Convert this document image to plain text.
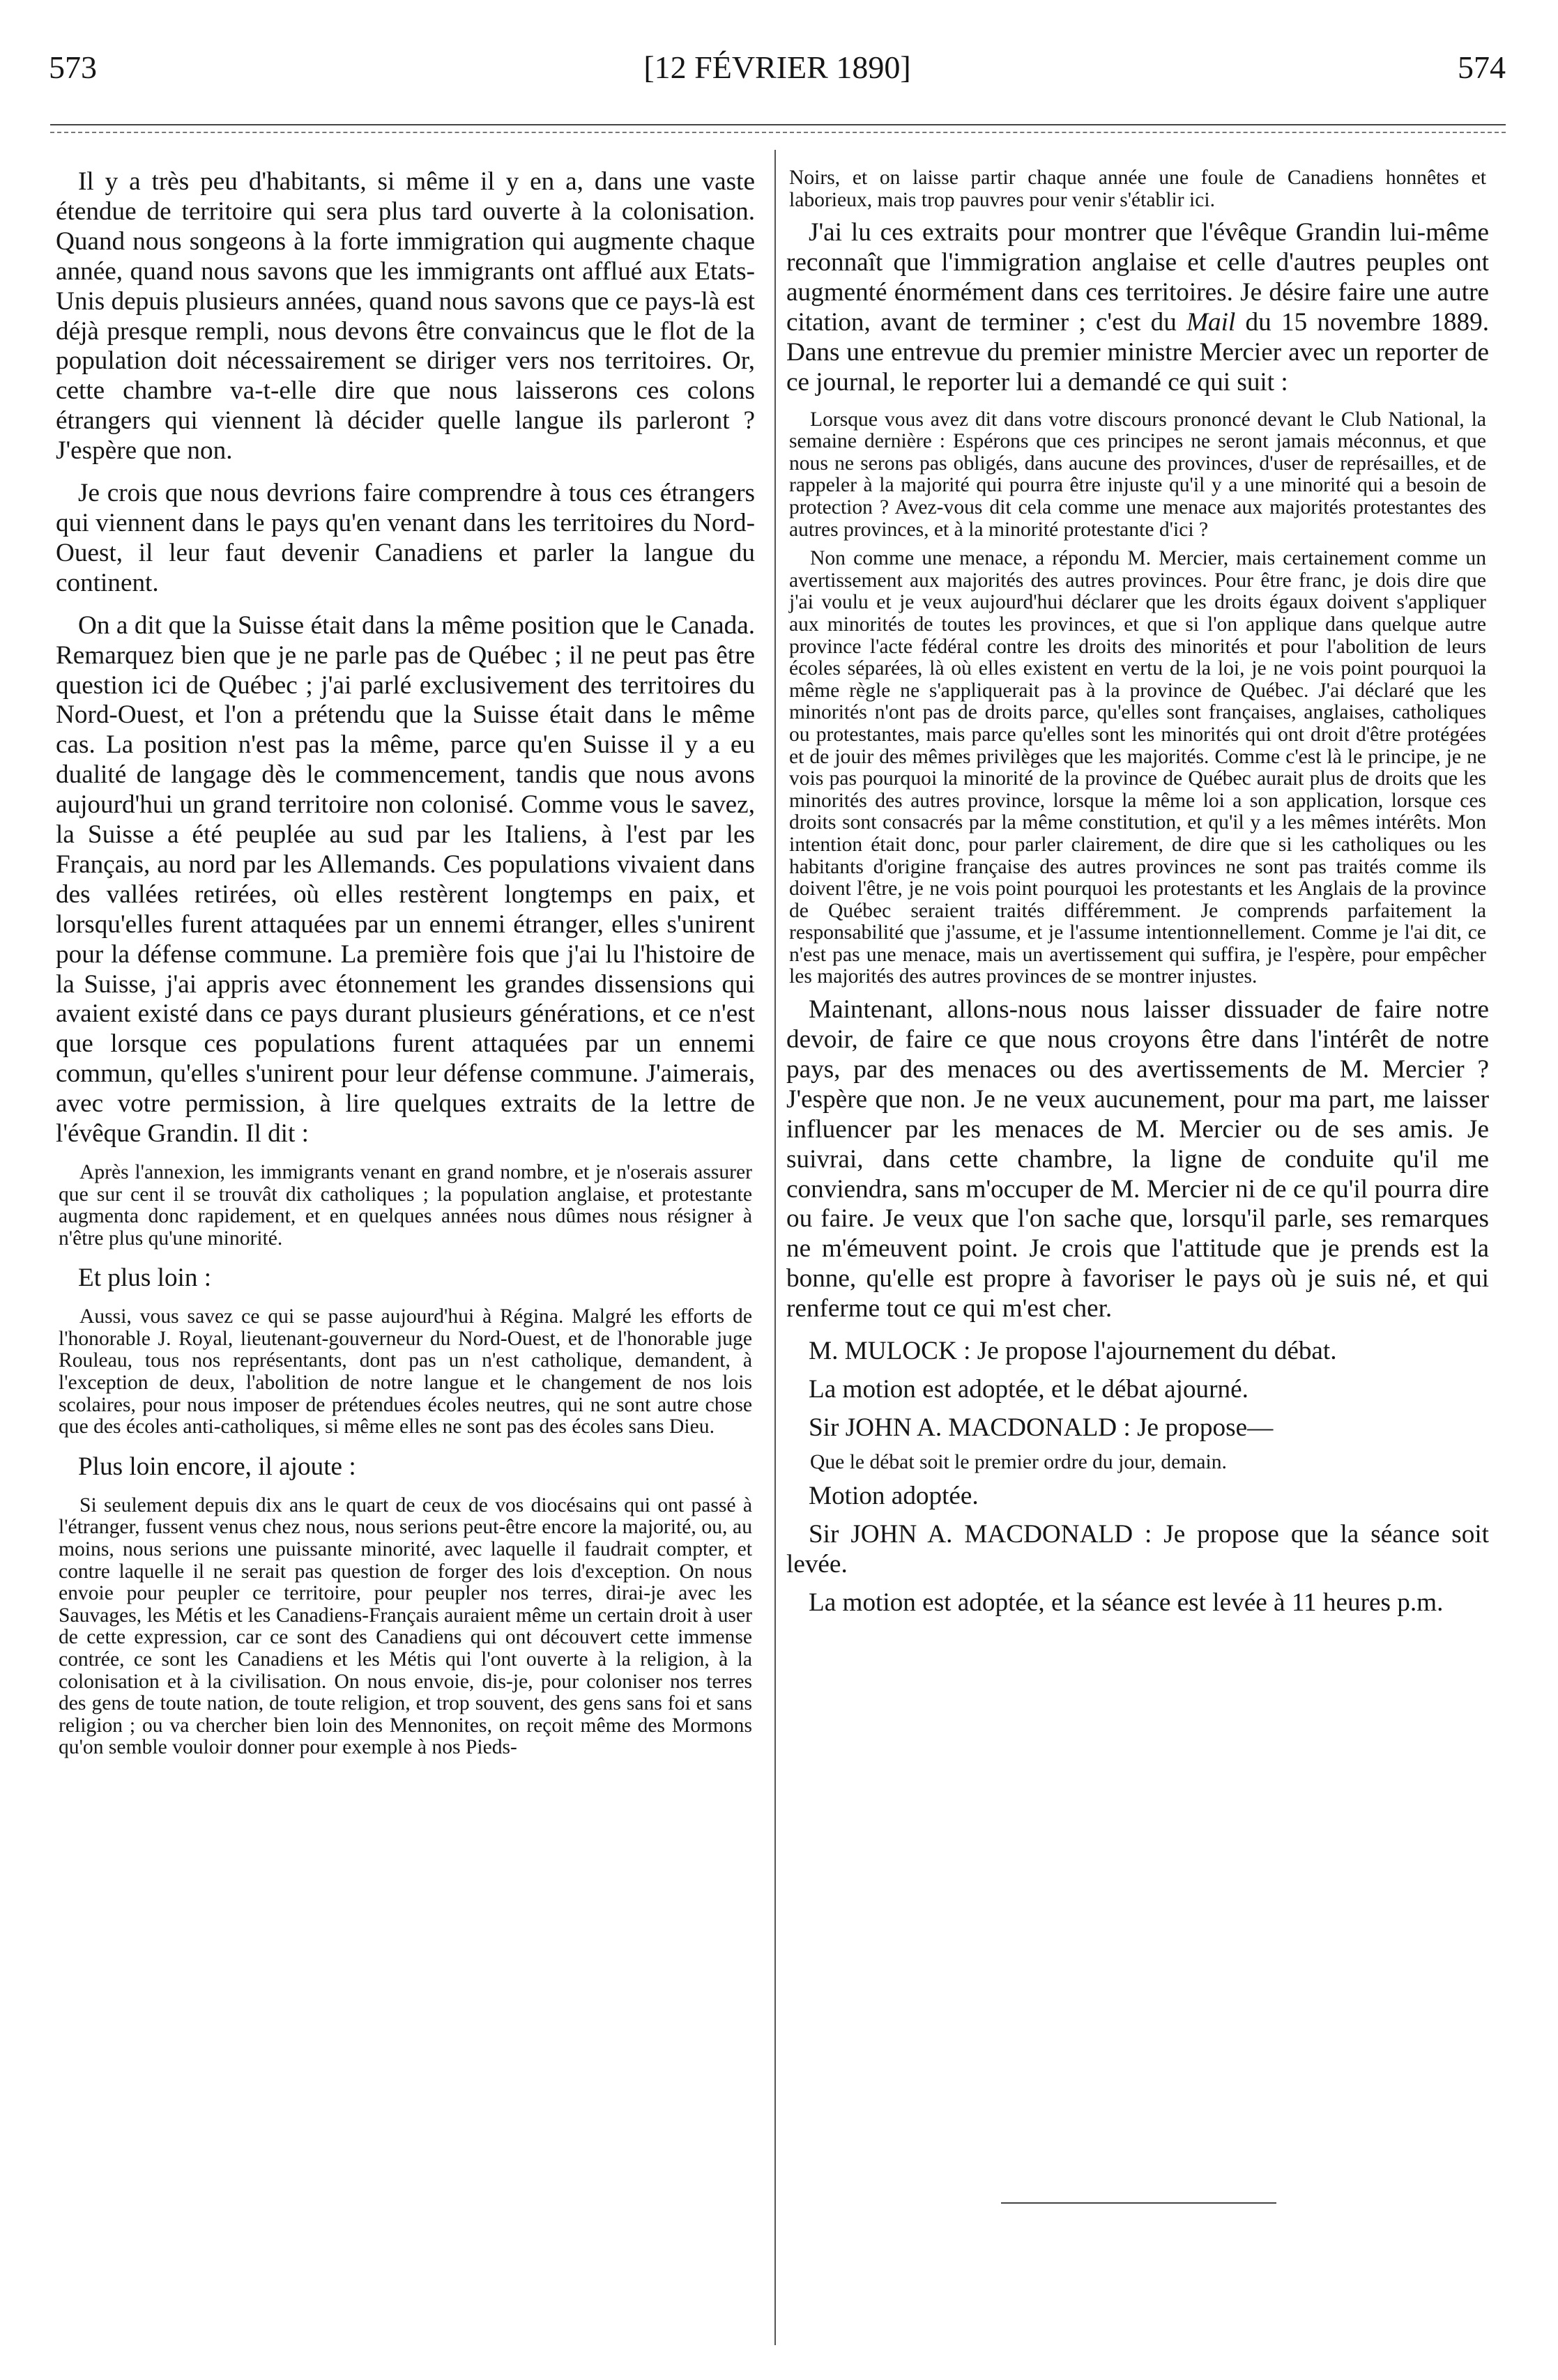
573	[12 FÉVRIER 1890]	574

Il y a très peu d'habitants, si même il y en a, dans une vaste étendue de territoire qui sera plus tard ouverte à la colonisation. Quand nous songeons à la forte immigration qui augmente chaque année, quand nous savons que les immigrants ont afflué aux Etats-Unis depuis plusieurs années, quand nous savons que ce pays-là est déjà presque rempli, nous devons être convaincus que le flot de la population doit nécessairement se diriger vers nos territoires. Or, cette chambre va-t-elle dire que nous laisserons ces colons étrangers qui viennent là décider quelle langue ils parleront ? J'espère que non.

Je crois que nous devrions faire comprendre à tous ces étrangers qui viennent dans le pays qu'en venant dans les territoires du Nord-Ouest, il leur faut devenir Canadiens et parler la langue du continent.

On a dit que la Suisse était dans la même position que le Canada. Remarquez bien que je ne parle pas de Québec ; il ne peut pas être question ici de Québec ; j'ai parlé exclusivement des territoires du Nord-Ouest, et l'on a prétendu que la Suisse était dans le même cas. La position n'est pas la même, parce qu'en Suisse il y a eu dualité de langage dès le commencement, tandis que nous avons aujourd'hui un grand territoire non colonisé. Comme vous le savez, la Suisse a été peuplée au sud par les Italiens, à l'est par les Français, au nord par les Allemands. Ces populations vivaient dans des vallées retirées, où elles restèrent longtemps en paix, et lorsqu'elles furent attaquées par un ennemi étranger, elles s'unirent pour la défense commune. La première fois que j'ai lu l'histoire de la Suisse, j'ai appris avec étonnement les grandes dissensions qui avaient existé dans ce pays durant plusieurs générations, et ce n'est que lorsque ces populations furent attaquées par un ennemi commun, qu'elles s'unirent pour leur défense commune. J'aimerais, avec votre permission, à lire quelques extraits de la lettre de l'évêque Grandin. Il dit :

Après l'annexion, les immigrants venant en grand nombre, et je n'oserais assurer que sur cent il se trouvât dix catholiques ; la population anglaise, et protestante augmenta donc rapidement, et en quelques années nous dûmes nous résigner à n'être plus qu'une minorité.

Et plus loin :

Aussi, vous savez ce qui se passe aujourd'hui à Régina. Malgré les efforts de l'honorable J. Royal, lieutenant-gouverneur du Nord-Ouest, et de l'honorable juge Rouleau, tous nos représentants, dont pas un n'est catholique, demandent, à l'exception de deux, l'abolition de notre langue et le changement de nos lois scolaires, pour nous imposer de prétendues écoles neutres, qui ne sont autre chose que des écoles anti-catholiques, si même elles ne sont pas des écoles sans Dieu.

Plus loin encore, il ajoute :

Si seulement depuis dix ans le quart de ceux de vos diocésains qui ont passé à l'étranger, fussent venus chez nous, nous serions peut-être encore la majorité, ou, au moins, nous serions une puissante minorité, avec laquelle il faudrait compter, et contre laquelle il ne serait pas question de forger des lois d'exception. On nous envoie pour peupler ce territoire, pour peupler nos terres, dirai-je avec les Sauvages, les Métis et les Canadiens-Français auraient même un certain droit à user de cette expression, car ce sont des Canadiens qui ont découvert cette immense contrée, ce sont les Canadiens et les Métis qui l'ont ouverte à la religion, à la colonisation et à la civilisation. On nous envoie, dis-je, pour coloniser nos terres des gens de toute nation, de toute religion, et trop souvent, des gens sans foi et sans religion ; ou va chercher bien loin des Mennonites, on reçoit même des Mormons qu'on semble vouloir donner pour exemple à nos Pieds-

Noirs, et on laisse partir chaque année une foule de Canadiens honnêtes et laborieux, mais trop pauvres pour venir s'établir ici.

J'ai lu ces extraits pour montrer que l'évêque Grandin lui-même reconnaît que l'immigration anglaise et celle d'autres peuples ont augmenté énormément dans ces territoires. Je désire faire une autre citation, avant de terminer ; c'est du Mail du 15 novembre 1889. Dans une entrevue du premier ministre Mercier avec un reporter de ce journal, le reporter lui a demandé ce qui suit :

Lorsque vous avez dit dans votre discours prononcé devant le Club National, la semaine dernière : Espérons que ces principes ne seront jamais méconnus, et que nous ne serons pas obligés, dans aucune des provinces, d'user de représailles, et de rappeler à la majorité qui pourra être injuste qu'il y a une minorité qui a besoin de protection ? Avez-vous dit cela comme une menace aux majorités protestantes des autres provinces, et à la minorité protestante d'ici ?

Non comme une menace, a répondu M. Mercier, mais certainement comme un avertissement aux majorités des autres provinces. Pour être franc, je dois dire que j'ai voulu et je veux aujourd'hui déclarer que les droits égaux doivent s'appliquer aux minorités de toutes les provinces, et que si l'on applique dans quelque autre province l'acte fédéral contre les droits des minorités et pour l'abolition de leurs écoles séparées, là où elles existent en vertu de la loi, je ne vois point pourquoi la même règle ne s'appliquerait pas à la province de Québec. J'ai déclaré que les minorités n'ont pas de droits parce, qu'elles sont françaises, anglaises, catholiques ou protestantes, mais parce qu'elles sont les minorités qui ont droit d'être protégées et de jouir des mêmes privilèges que les majorités. Comme c'est là le principe, je ne vois pas pourquoi la minorité de la province de Québec aurait plus de droits que les minorités des autres province, lorsque la même loi a son application, lorsque ces droits sont consacrés par la même constitution, et qu'il y a les mêmes intérêts. Mon intention était donc, pour parler clairement, de dire que si les catholiques ou les habitants d'origine française des autres provinces ne sont pas traités comme ils doivent l'être, je ne vois point pourquoi les protestants et les Anglais de la province de Québec seraient traités différemment. Je comprends parfaitement la responsabilité que j'assume, et je l'assume intentionnellement. Comme je l'ai dit, ce n'est pas une menace, mais un avertissement qui suffira, je l'espère, pour empêcher les majorités des autres provinces de se montrer injustes.

Maintenant, allons-nous nous laisser dissuader de faire notre devoir, de faire ce que nous croyons être dans l'intérêt de notre pays, par des menaces ou des avertissements de M. Mercier ? J'espère que non. Je ne veux aucunement, pour ma part, me laisser influencer par les menaces de M. Mercier ou de ses amis. Je suivrai, dans cette chambre, la ligne de conduite qu'il me conviendra, sans m'occuper de M. Mercier ni de ce qu'il pourra dire ou faire. Je veux que l'on sache que, lorsqu'il parle, ses remarques ne m'émeuvent point. Je crois que l'attitude que je prends est la bonne, qu'elle est propre à favoriser le pays où je suis né, et qui renferme tout ce qui m'est cher.

M. MULOCK : Je propose l'ajournement du débat.

La motion est adoptée, et le débat ajourné.

Sir JOHN A. MACDONALD : Je propose—

Que le débat soit le premier ordre du jour, demain.

Motion adoptée.

Sir JOHN A. MACDONALD : Je propose que la séance soit levée.

La motion est adoptée, et la séance est levée à 11 heures p.m.
